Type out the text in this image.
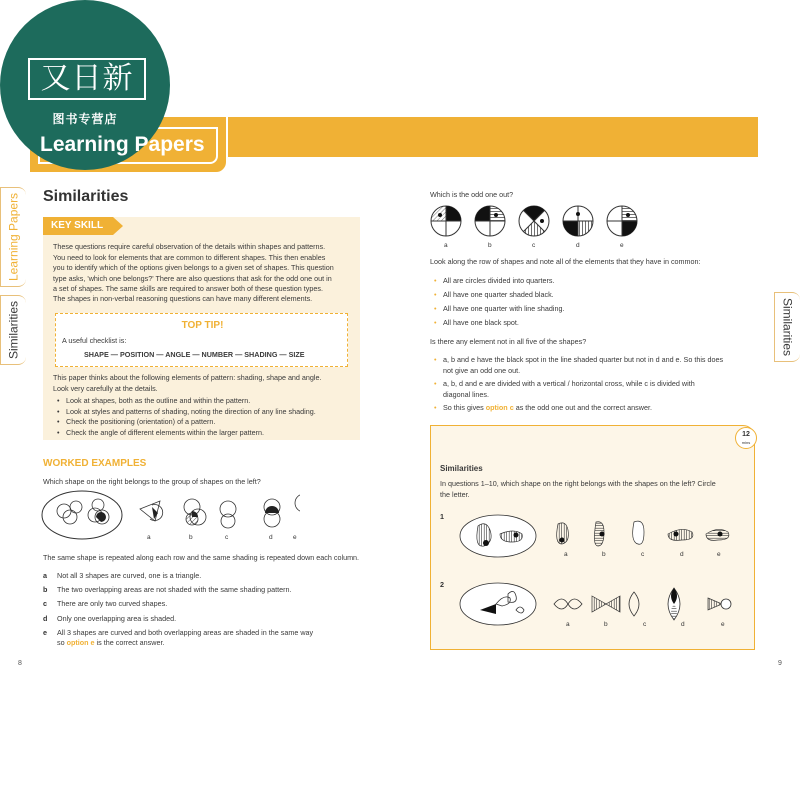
又日新
图书专营店
Learning Papers
Learning Papers
Similarities	Similarities
Similarities
KEY SKILL
These questions require careful observation of the details within shapes and patterns.
You need to look for elements that are common to different shapes. This then enables
you to identify which of the options given belongs to a given set of shapes. This question
type asks, 'which one belongs?' There are also questions that ask for the odd one out in
a set of shapes. The same skills are required to answer both of these question types.
The shapes in non-verbal reasoning questions can have many different elements.
TOP TIP!
A useful checklist is:
SHAPE — POSITION — ANGLE — NUMBER — SHADING — SIZE
This paper thinks about the following elements of pattern: shading, shape and angle.
Look very carefully at the details.
• Look at shapes, both as the outline and within the pattern.
• Look at styles and patterns of shading, noting the direction of any line shading.
• Check the positioning (orientation) of a pattern.
• Check the angle of different elements within the larger pattern.
WORKED EXAMPLES
Which shape on the right belongs to the group of shapes on the left?
a	b	c	d	e
The same shape is repeated along each row and the same shading is repeated down each column.
a Not all 3 shapes are curved, one is a triangle.
b The two overlapping areas are not shaded with the same shading pattern.
c There are only two curved shapes.
d Only one overlapping area is shaded.
e All 3 shapes are curved and both overlapping areas are shaded in the same way
so option e is the correct answer.
8
Which is the odd one out?
a	b	c	d	e
Look along the row of shapes and note all of the elements that they have in common:
• All are circles divided into quarters.
• All have one quarter shaded black.
• All have one quarter with line shading.
• All have one black spot.
Is there any element not in all five of the shapes?
• a, b and e have the black spot in the line shaded quarter but not in d and e. So this does
not give an odd one out.
• a, b, d and e are divided with a vertical / horizontal cross, while c is divided with
diagonal lines.
• So this gives option c as the odd one out and the correct answer.
12
mins
Similarities
In questions 1–10, which shape on the right belongs with the shapes on the left? Circle
the letter.
1
a	b	c	d	e
2
a	b	c	d	e
9
